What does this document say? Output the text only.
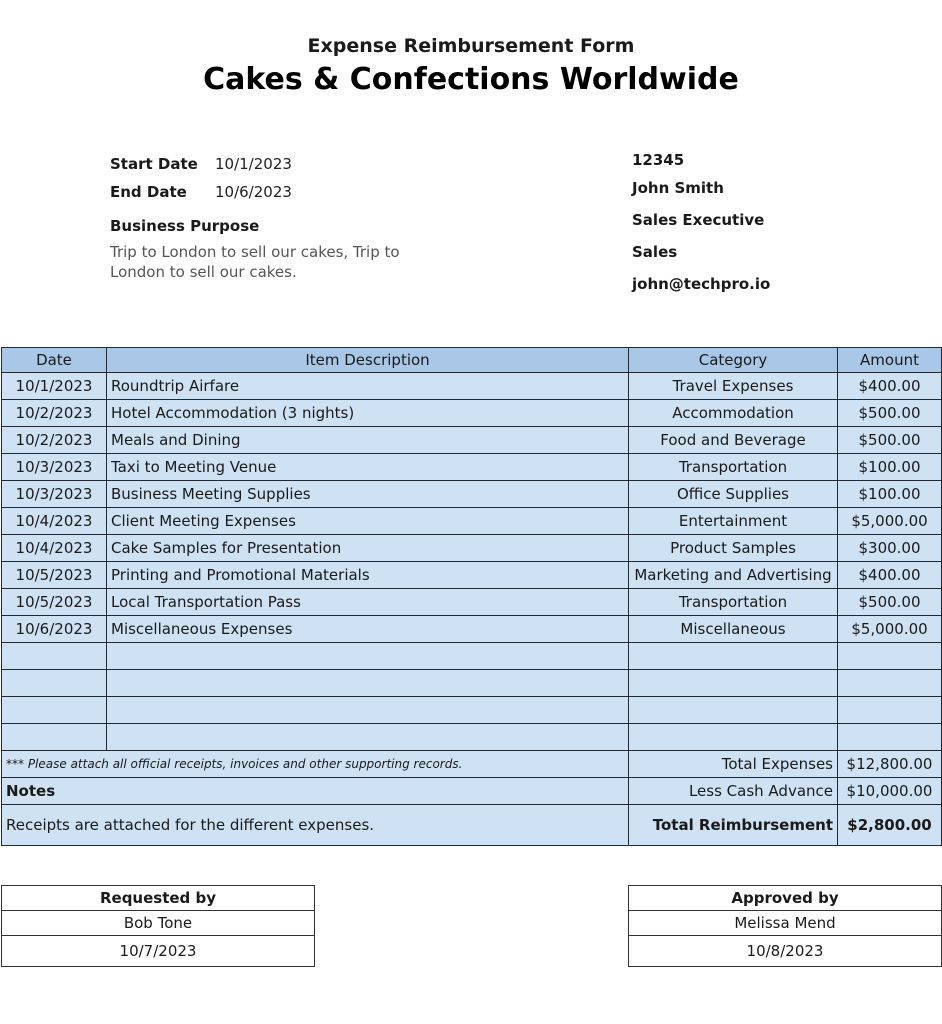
Expense Reimbursement Form
Cakes & Confections Worldwide
Start Date	10/1/2023
End Date	10/6/2023
Business Purpose
Trip to London to sell our cakes, Trip to
London to sell our cakes.
12345
John Smith
Sales Executive
Sales
john@techpro.io
Date	Item Description	Category	Amount
10/1/2023	Roundtrip Airfare	Travel Expenses	$400.00
10/2/2023	Hotel Accommodation (3 nights)	Accommodation	$500.00
10/2/2023	Meals and Dining	Food and Beverage	$500.00
10/3/2023	Taxi to Meeting Venue	Transportation	$100.00
10/3/2023	Business Meeting Supplies	Office Supplies	$100.00
10/4/2023	Client Meeting Expenses	Entertainment	$5,000.00
10/4/2023	Cake Samples for Presentation	Product Samples	$300.00
10/5/2023	Printing and Promotional Materials	Marketing and Advertising	$400.00
10/5/2023	Local Transportation Pass	Transportation	$500.00
10/6/2023	Miscellaneous Expenses	Miscellaneous	$5,000.00

*** Please attach all official receipts, invoices and other supporting records.		Total Expenses	$12,800.00
Notes		Less Cash Advance	$10,000.00
Receipts are attached for the different expenses.		Total Reimbursement	$2,800.00
Requested by
Bob Tone
10/7/2023
Approved by
Melissa Mend
10/8/2023
